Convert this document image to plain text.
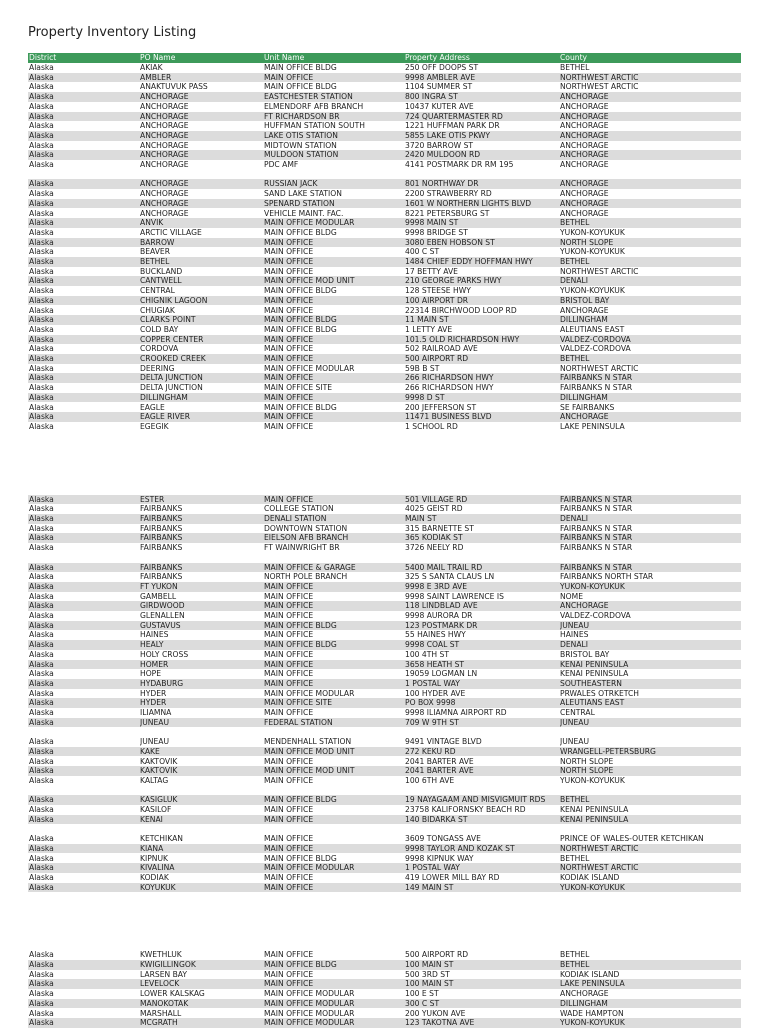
Property Inventory Listing
District	PO Name	Unit Name	Property Address	County
Alaska	AKIAK	MAIN OFFICE BLDG	250 OFF DOOPS ST	BETHEL
Alaska	AMBLER	MAIN OFFICE	9998 AMBLER AVE	NORTHWEST ARCTIC
Alaska	ANAKTUVUK PASS	MAIN OFFICE BLDG	1104 SUMMER ST	NORTHWEST ARCTIC
Alaska	ANCHORAGE	EASTCHESTER STATION	800 INGRA ST	ANCHORAGE
Alaska	ANCHORAGE	ELMENDORF AFB BRANCH	10437 KUTER AVE	ANCHORAGE
Alaska	ANCHORAGE	FT RICHARDSON BR	724 QUARTERMASTER RD	ANCHORAGE
Alaska	ANCHORAGE	HUFFMAN STATION SOUTH	1221 HUFFMAN PARK DR	ANCHORAGE
Alaska	ANCHORAGE	LAKE OTIS STATION	5855 LAKE OTIS PKWY	ANCHORAGE
Alaska	ANCHORAGE	MIDTOWN STATION	3720 BARROW ST	ANCHORAGE
Alaska	ANCHORAGE	MULDOON STATION	2420 MULDOON RD	ANCHORAGE
Alaska	ANCHORAGE	PDC AMF	4141 POSTMARK DR RM 195	ANCHORAGE
Alaska	ANCHORAGE	RUSSIAN JACK	801 NORTHWAY DR	ANCHORAGE
Alaska	ANCHORAGE	SAND LAKE STATION	2200 STRAWBERRY RD	ANCHORAGE
Alaska	ANCHORAGE	SPENARD STATION	1601 W NORTHERN LIGHTS BLVD	ANCHORAGE
Alaska	ANCHORAGE	VEHICLE MAINT. FAC.	8221 PETERSBURG ST	ANCHORAGE
Alaska	ANVIK	MAIN OFFICE MODULAR	9998 MAIN ST	BETHEL
Alaska	ARCTIC VILLAGE	MAIN OFFICE BLDG	9998 BRIDGE ST	YUKON-KOYUKUK
Alaska	BARROW	MAIN OFFICE	3080 EBEN HOBSON ST	NORTH SLOPE
Alaska	BEAVER	MAIN OFFICE	400 C ST	YUKON-KOYUKUK
Alaska	BETHEL	MAIN OFFICE	1484 CHIEF EDDY HOFFMAN HWY	BETHEL
Alaska	BUCKLAND	MAIN OFFICE	17 BETTY AVE	NORTHWEST ARCTIC
Alaska	CANTWELL	MAIN OFFICE MOD UNIT	210 GEORGE PARKS HWY	DENALI
Alaska	CENTRAL	MAIN OFFICE BLDG	128 STEESE HWY	YUKON-KOYUKUK
Alaska	CHIGNIK LAGOON	MAIN OFFICE	100 AIRPORT DR	BRISTOL BAY
Alaska	CHUGIAK	MAIN OFFICE	22314 BIRCHWOOD LOOP RD	ANCHORAGE
Alaska	CLARKS POINT	MAIN OFFICE BLDG	11 MAIN ST	DILLINGHAM
Alaska	COLD BAY	MAIN OFFICE BLDG	1 LETTY AVE	ALEUTIANS EAST
Alaska	COPPER CENTER	MAIN OFFICE	101.5 OLD RICHARDSON HWY	VALDEZ-CORDOVA
Alaska	CORDOVA	MAIN OFFICE	502 RAILROAD AVE	VALDEZ-CORDOVA
Alaska	CROOKED CREEK	MAIN OFFICE	500 AIRPORT RD	BETHEL
Alaska	DEERING	MAIN OFFICE MODULAR	59B B ST	NORTHWEST ARCTIC
Alaska	DELTA JUNCTION	MAIN OFFICE	266 RICHARDSON HWY	FAIRBANKS N STAR
Alaska	DELTA JUNCTION	MAIN OFFICE SITE	266 RICHARDSON HWY	FAIRBANKS N STAR
Alaska	DILLINGHAM	MAIN OFFICE	9998 D ST	DILLINGHAM
Alaska	EAGLE	MAIN OFFICE BLDG	200 JEFFERSON ST	SE FAIRBANKS
Alaska	EAGLE RIVER	MAIN OFFICE	11471 BUSINESS BLVD	ANCHORAGE
Alaska	EGEGIK	MAIN OFFICE	1 SCHOOL RD	LAKE PENINSULA
Alaska	ESTER	MAIN OFFICE	501 VILLAGE RD	FAIRBANKS N STAR
Alaska	FAIRBANKS	COLLEGE STATION	4025 GEIST RD	FAIRBANKS N STAR
Alaska	FAIRBANKS	DENALI STATION	MAIN ST	DENALI
Alaska	FAIRBANKS	DOWNTOWN STATION	315 BARNETTE ST	FAIRBANKS N STAR
Alaska	FAIRBANKS	EIELSON AFB BRANCH	365 KODIAK ST	FAIRBANKS N STAR
Alaska	FAIRBANKS	FT WAINWRIGHT BR	3726 NEELY RD	FAIRBANKS N STAR
Alaska	FAIRBANKS	MAIN OFFICE & GARAGE	5400 MAIL TRAIL RD	FAIRBANKS N STAR
Alaska	FAIRBANKS	NORTH POLE BRANCH	325 S SANTA CLAUS LN	FAIRBANKS NORTH STAR
Alaska	FT YUKON	MAIN OFFICE	9998 E 3RD AVE	YUKON-KOYUKUK
Alaska	GAMBELL	MAIN OFFICE	9998 SAINT LAWRENCE IS	NOME
Alaska	GIRDWOOD	MAIN OFFICE	118 LINDBLAD AVE	ANCHORAGE
Alaska	GLENALLEN	MAIN OFFICE	9998 AURORA DR	VALDEZ-CORDOVA
Alaska	GUSTAVUS	MAIN OFFICE BLDG	123 POSTMARK DR	JUNEAU
Alaska	HAINES	MAIN OFFICE	55 HAINES HWY	HAINES
Alaska	HEALY	MAIN OFFICE BLDG	9998 COAL ST	DENALI
Alaska	HOLY CROSS	MAIN OFFICE	100 4TH ST	BRISTOL BAY
Alaska	HOMER	MAIN OFFICE	3658 HEATH ST	KENAI PENINSULA
Alaska	HOPE	MAIN OFFICE	19059 LOGMAN LN	KENAI PENINSULA
Alaska	HYDABURG	MAIN OFFICE	1 POSTAL WAY	SOUTHEASTERN
Alaska	HYDER	MAIN OFFICE MODULAR	100 HYDER AVE	PRWALES OTRKETCH
Alaska	HYDER	MAIN OFFICE SITE	PO BOX 9998	ALEUTIANS EAST
Alaska	ILIAMNA	MAIN OFFICE	9998 ILIAMNA AIRPORT RD	CENTRAL
Alaska	JUNEAU	FEDERAL STATION	709 W 9TH ST	JUNEAU
Alaska	JUNEAU	MENDENHALL STATION	9491 VINTAGE BLVD	JUNEAU
Alaska	KAKE	MAIN OFFICE MOD UNIT	272 KEKU RD	WRANGELL-PETERSBURG
Alaska	KAKTOVIK	MAIN OFFICE	2041 BARTER AVE	NORTH SLOPE
Alaska	KAKTOVIK	MAIN OFFICE MOD UNIT	2041 BARTER AVE	NORTH SLOPE
Alaska	KALTAG	MAIN OFFICE	100 6TH AVE	YUKON-KOYUKUK
Alaska	KASIGLUK	MAIN OFFICE BLDG	19 NAYAGAAM AND MISVIGMUIT RDS	BETHEL
Alaska	KASILOF	MAIN OFFICE	23758 KALIFORNSKY BEACH RD	KENAI PENINSULA
Alaska	KENAI	MAIN OFFICE	140 BIDARKA ST	KENAI PENINSULA
Alaska	KETCHIKAN	MAIN OFFICE	3609 TONGASS AVE	PRINCE OF WALES-OUTER KETCHIKAN
Alaska	KIANA	MAIN OFFICE	9998 TAYLOR AND KOZAK ST	NORTHWEST ARCTIC
Alaska	KIPNUK	MAIN OFFICE BLDG	9998 KIPNUK WAY	BETHEL
Alaska	KIVALINA	MAIN OFFICE MODULAR	1 POSTAL WAY	NORTHWEST ARCTIC
Alaska	KODIAK	MAIN OFFICE	419 LOWER MILL BAY RD	KODIAK ISLAND
Alaska	KOYUKUK	MAIN OFFICE	149 MAIN ST	YUKON-KOYUKUK
Alaska	KWETHLUK	MAIN OFFICE	500 AIRPORT RD	BETHEL
Alaska	KWIGILLINGOK	MAIN OFFICE BLDG	100 MAIN ST	BETHEL
Alaska	LARSEN BAY	MAIN OFFICE	500 3RD ST	KODIAK ISLAND
Alaska	LEVELOCK	MAIN OFFICE	100 MAIN ST	LAKE PENINSULA
Alaska	LOWER KALSKAG	MAIN OFFICE MODULAR	100 E ST	ANCHORAGE
Alaska	MANOKOTAK	MAIN OFFICE MODULAR	300 C ST	DILLINGHAM
Alaska	MARSHALL	MAIN OFFICE MODULAR	200 YUKON AVE	WADE HAMPTON
Alaska	MCGRATH	MAIN OFFICE MODULAR	123 TAKOTNA AVE	YUKON-KOYUKUK
